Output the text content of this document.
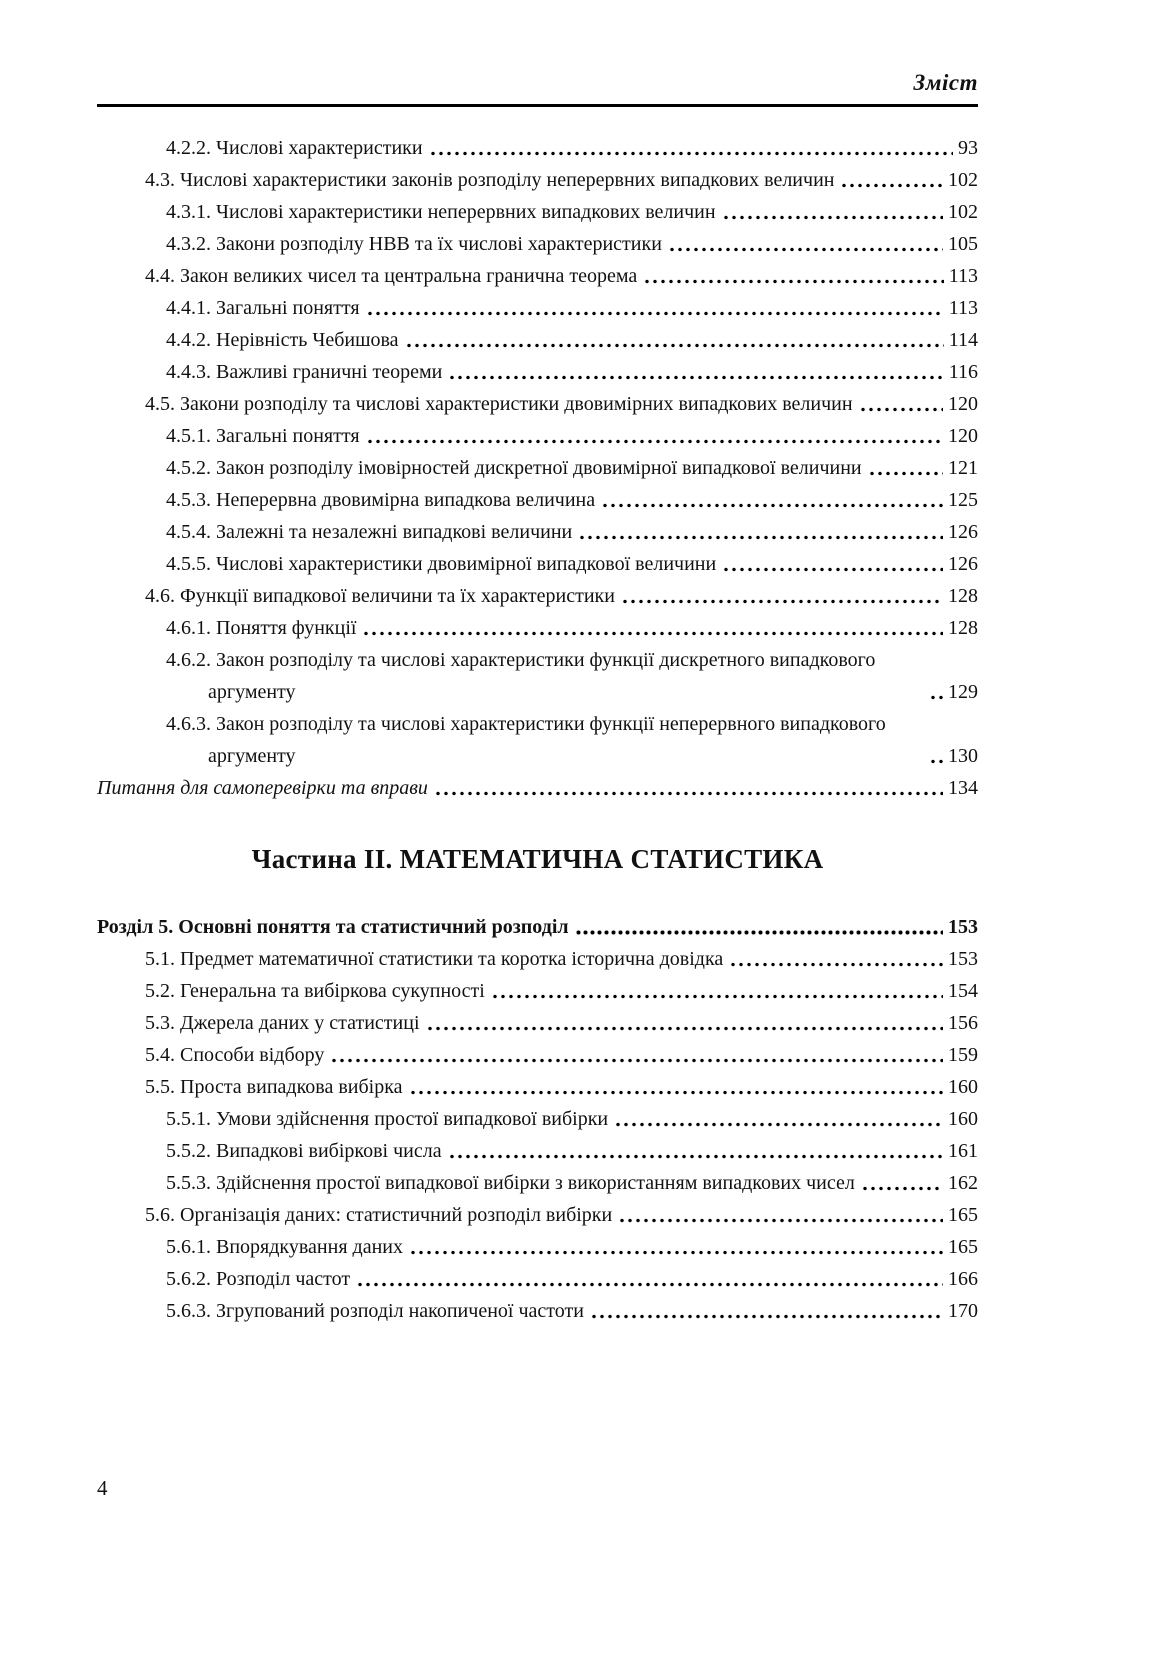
Зміст
4.2.2. Числові характеристики	93
4.3. Числові характеристики законів розподілу неперервних випадкових величин	102
4.3.1. Числові характеристики неперервних випадкових величин	102
4.3.2. Закони розподілу НВВ та їх числові характеристики	105
4.4. Закон великих чисел та центральна гранична теорема	113
4.4.1. Загальні поняття	113
4.4.2. Нерівність Чебишова	114
4.4.3. Важливі граничні теореми	116
4.5. Закони розподілу та числові характеристики двовимірних випадкових величин	120
4.5.1. Загальні поняття	120
4.5.2. Закон розподілу імовірностей дискретної двовимірної випадкової величини	121
4.5.3. Неперервна двовимірна випадкова величина	125
4.5.4. Залежні та незалежні випадкові величини	126
4.5.5. Числові характеристики двовимірної випадкової величини	126
4.6. Функції випадкової величини та їх характеристики	128
4.6.1. Поняття функції	128
4.6.2. Закон розподілу та числові характеристики функції дискретного випадкового аргументу	129
4.6.3. Закон розподілу та числові характеристики функції неперервного випадкового аргументу	130
Питання для самоперевірки та вправи	134
Частина ІІ. МАТЕМАТИЧНА СТАТИСТИКА
Розділ 5. Основні поняття та статистичний розподіл	153
5.1. Предмет математичної статистики та коротка історична довідка	153
5.2. Генеральна та вибіркова сукупності	154
5.3. Джерела даних у статистиці	156
5.4. Способи відбору	159
5.5. Проста випадкова вибірка	160
5.5.1. Умови здійснення простої випадкової вибірки	160
5.5.2. Випадкові вибіркові числа	161
5.5.3. Здійснення простої випадкової вибірки з використанням випадкових чисел	162
5.6. Організація даних: статистичний розподіл вибірки	165
5.6.1. Впорядкування даних	165
5.6.2. Розподіл частот	166
5.6.3. Згрупований розподіл накопиченої частоти	170
4
